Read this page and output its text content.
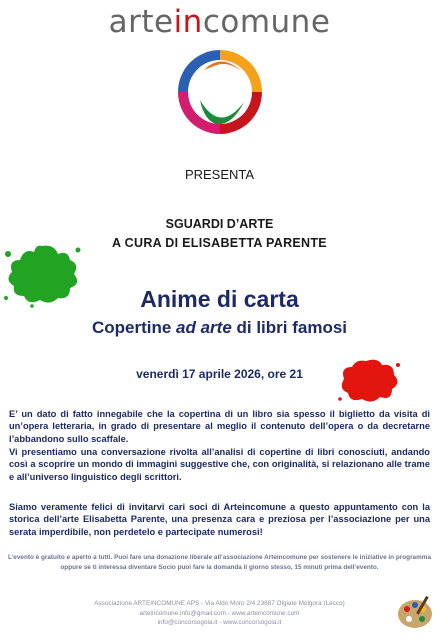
arteincomune
PRESENTA
SGUARDI D’ARTE
A CURA DI ELISABETTA PARENTE
Anime di carta
Copertine ad arte di libri famosi
venerdì 17 aprile 2026, ore 21
E’ un dato di fatto innegabile che la copertina di un libro sia spesso il biglietto da visita di un’opera letteraria, in grado di presentare al meglio il contenuto dell’opera o da decretarne l’abbandono sullo scaffale.
Vi presentiamo una conversazione rivolta all’analisi di copertine di libri conosciuti, andando così a scoprire un mondo di immagini suggestive che, con originalità, si relazionano alle trame e all’universo linguistico degli scrittori.
Siamo veramente felici di invitarvi cari soci di Arteincomune a questo appuntamento con la storica dell’arte Elisabetta Parente, una presenza cara e preziosa per l’associazione per una serata imperdibile, non perdetelo e partecipate numerosi!
L’evento è gratuito e aperto a tutti. Puoi fare una donazione liberale all’associazione Arteincomune per sostenere le iniziative in programma oppure se ti interessa diventare Socio puoi fare la domanda il giorno stesso, 15 minuti prima dell’evento.
Associazione ARTEINCOMUNE APS - Via Aldo Moro 2/4 23887 Olgiate Molgora (Lecco)
arteincomune.info@gmail.com - www.arteincomune.com
info@concorsogola.it - www.concorsogola.it
